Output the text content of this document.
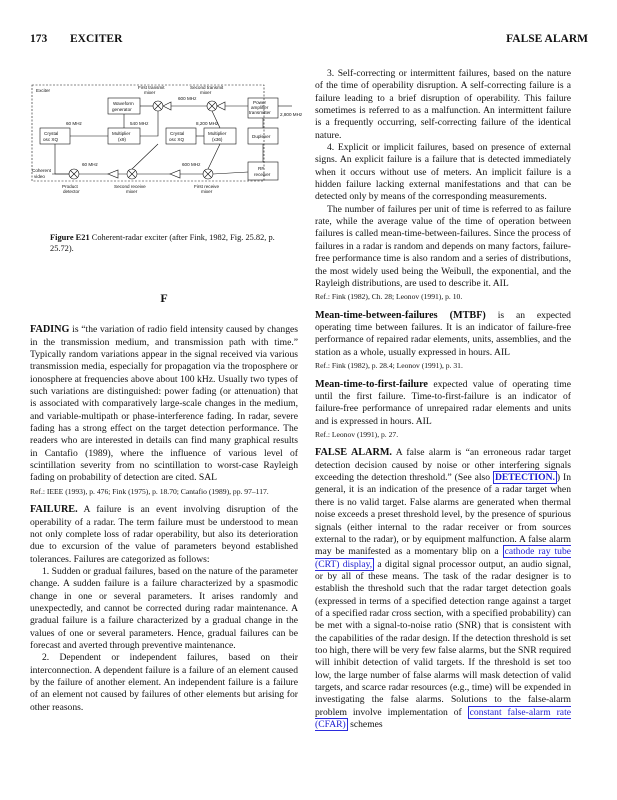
173 EXCITER	FALSE ALARM
Exciter
First transmit
mixer
Second transmit
mixer
Waveform
generator
60 MHz	540 MHz
600 MHz
8,200 MHz
2,800 MHz
Power
amplifier
transmitter
Crystal
osc XQ
Multiplier
(x9)
Crystal
osc XQ
Multiplier
(x36)
Duplexer
60 MHz	600 MHz
Coherent
video
RF
receiver
Product
detector
Second receive
mixer
First receive
mixer

Figure E21 Coherent-radar exciter (after Fink, 1982, Fig. 25.82, p. 25.72).

F

FADING is “the variation of radio field intensity caused by changes in the transmission medium, and transmission path with time.” Typically random variations appear in the signal received via various transmission media, especially for propagation via the troposphere or ionosphere at frequencies above about 100 kHz. Usually two types of such variations are distinguished: power fading (or attenuation) that is associated with comparatively large-scale changes in the medium, and variable-multipath or phase-interference fading. In radar, severe fading has a strong effect on the target detection performance. The readers who are interested in details can find many graphical results in Cantafio (1989), where the influence of various level of scintillation severity from no scintillation to worst-case Rayleigh fading on probability of detection are cited. SAL

Ref.: IEEE (1993), p. 476; Fink (1975), p. 18.70; Cantafio (1989), pp. 97–117.

FAILURE. A failure is an event involving disruption of the operability of a radar. The term failure must be understood to mean not only complete loss of radar operability, but also its deterioration due to excursion of the value of parameters beyond established tolerances. Failures are categorized as follows:

1. Sudden or gradual failures, based on the nature of the parameter change. A sudden failure is a failure characterized by a spasmodic change in one or several parameters. It arises randomly and unexpectedly, and cannot be corrected during radar maintenance. A gradual failure is a failure characterized by a gradual change in the values of one or several parameters. Hence, gradual failures can be forecast and averted through preventive maintenance.

2. Dependent or independent failures, based on their interconnection. A dependent failure is a failure of an element caused by the failure of another element. An independent failure is a failure of an element not caused by failures of other elements but arising for other reasons.

3. Self-correcting or intermittent failures, based on the nature of the time of operability disruption. A self-correcting failure is a failure leading to a brief disruption of operability. This failure sometimes is referred to as a malfunction. An intermittent failure is a frequently occurring, self-correcting failure of the identical nature.

4. Explicit or implicit failures, based on presence of external signs. An explicit failure is a failure that is detected immediately when it occurs without use of meters. An implicit failure is a hidden failure lacking external manifestations and that can be detected only by means of the corresponding measurements.

The number of failures per unit of time is referred to as failure rate, while the average value of the time of operation between failures is called mean-time-between-failures. Since the process of failures in a radar is random and depends on many factors, failure-free performance time is also random and a series of distributions, the most widely used being the Weibull, the exponential, and the Rayleigh distributions, are used to describe it. AIL

Ref.: Fink (1982), Ch. 28; Leonov (1991), p. 10.

Mean-time-between-failures (MTBF) is an expected operating time between failures. It is an indicator of failure-free performance of repaired radar elements, units, assemblies, and the station as a whole, usually expressed in hours. AIL

Ref.: Fink (1982), p. 28.4; Leonov (1991), p. 31.

Mean-time-to-first-failure expected value of operating time until the first failure. Time-to-first-failure is an indicator of failure-free performance of unrepaired radar elements and units and is expressed in hours. AIL

Ref.: Leonov (1991), p. 27.

FALSE ALARM. A false alarm is “an erroneous radar target detection decision caused by noise or other interfering signals exceeding the detection threshold.” (See also DETECTION. ) In general, it is an indication of the presence of a radar target when there is no valid target. False alarms are generated when thermal noise exceeds a preset threshold level, by the presence of spurious signals (either internal to the radar receiver or from sources external to the radar), or by equipment malfunction. A false alarm may be manifested as a momentary blip on a cathode ray tube (CRT) display, a digital signal processor output, an audio signal, or by all of these means. The task of the radar designer is to establish the threshold such that the radar target detection goals (expressed in terms of a specified detection range against a target of a specified radar cross section, with a specified probability) can be met with a signal-to-noise ratio (SNR) that is consistent with the capabilities of the radar design. If the detection threshold is set too high, there will be very few false alarms, but the SNR required will inhibit detection of valid targets. If the threshold is set too low, the large number of false alarms will mask detection of valid targets, and scarce radar resources (e.g., time) will be expended in investigating the false alarms. Solutions to the false-alarm problem involve implementation of constant false-alarm rate (CFAR) schemes
